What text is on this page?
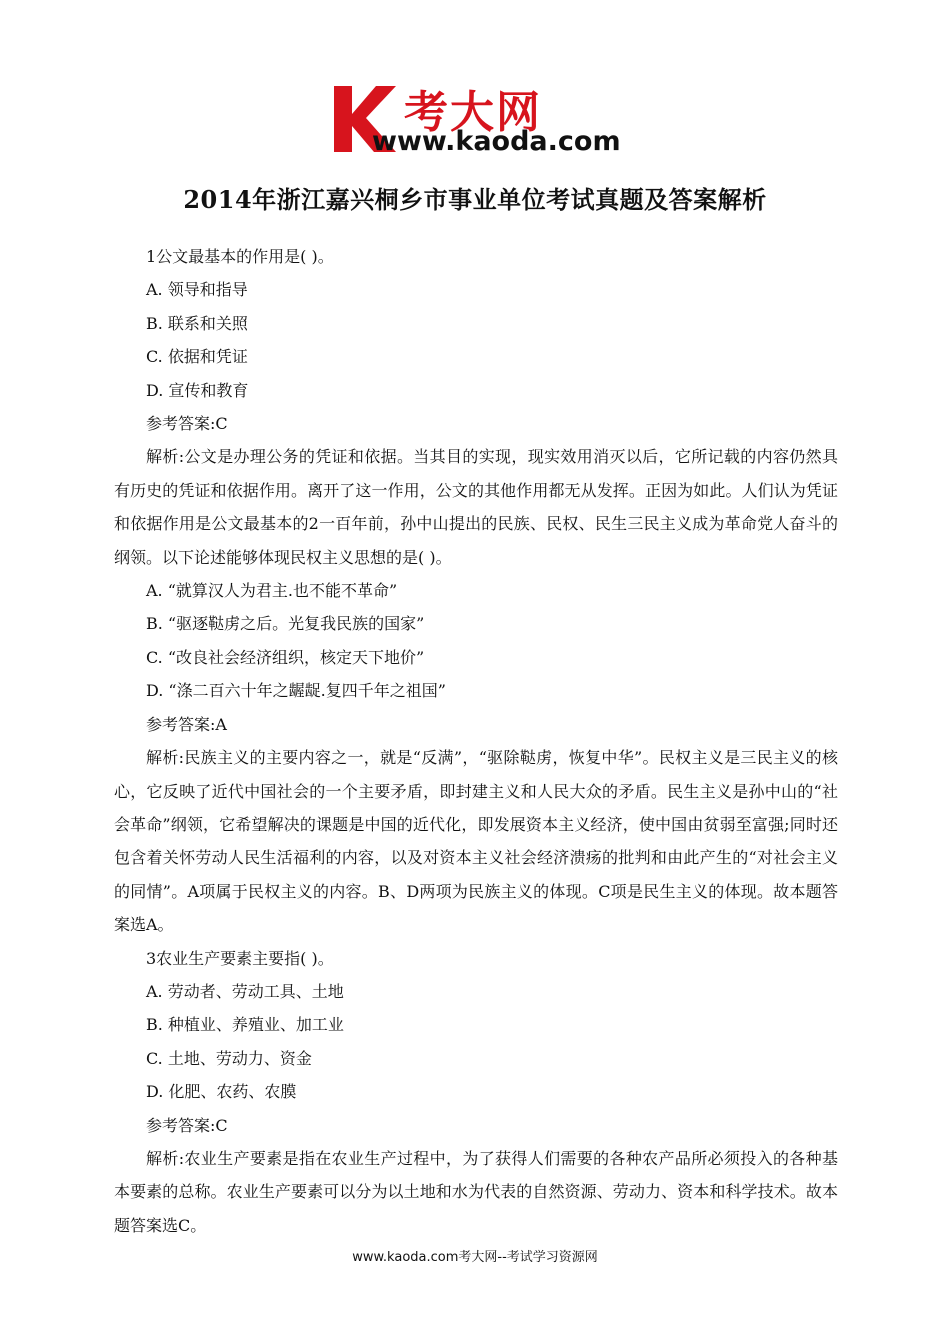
考大网
www.kaoda.com
2014年浙江嘉兴桐乡市事业单位考试真题及答案解析

1公文最基本的作用是( )。

A. 领导和指导

B. 联系和关照

C. 依据和凭证

D. 宣传和教育

参考答案:C

解析:公文是办理公务的凭证和依据。当其目的实现，现实效用消灭以后，它所记载的内容仍然具有历史的凭证和依据作用。离开了这一作用，公文的其他作用都无从发挥。正因为如此。人们认为凭证和依据作用是公文最基本的2一百年前，孙中山提出的民族、民权、民生三民主义成为革命党人奋斗的纲领。以下论述能够体现民权主义思想的是( )。

A. “就算汉人为君主.也不能不革命”

B. “驱逐鞑虏之后。光复我民族的国家”

C. “改良社会经济组织，核定天下地价”

D. “涤二百六十年之龌龊.复四千年之祖国”

参考答案:A

解析:民族主义的主要内容之一，就是“反满”，“驱除鞑虏，恢复中华”。民权主义是三民主义的核心，它反映了近代中国社会的一个主要矛盾，即封建主义和人民大众的矛盾。民生主义是孙中山的“社会革命”纲领，它希望解决的课题是中国的近代化，即发展资本主义经济，使中国由贫弱至富强;同时还包含着关怀劳动人民生活福利的内容，以及对资本主义社会经济溃疡的批判和由此产生的“对社会主义的同情”。A项属于民权主义的内容。B、D两项为民族主义的体现。C项是民生主义的体现。故本题答案选A。

3农业生产要素主要指( )。

A. 劳动者、劳动工具、土地

B. 种植业、养殖业、加工业

C. 土地、劳动力、资金

D. 化肥、农药、农膜

参考答案:C

解析:农业生产要素是指在农业生产过程中，为了获得人们需要的各种农产品所必须投入的各种基本要素的总称。农业生产要素可以分为以土地和水为代表的自然资源、劳动力、资本和科学技术。故本题答案选C。

www.kaoda.com考大网--考试学习资源网
